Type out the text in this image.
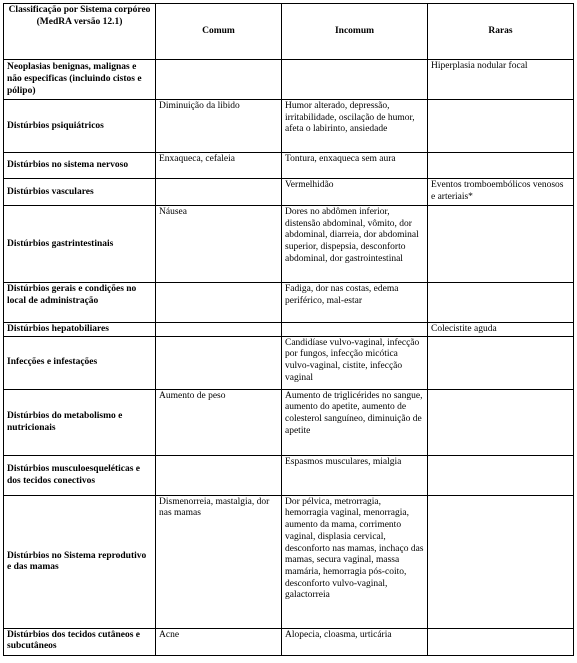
Classificação por Sistema corpóreo (MedRA versão 12.1)	Comum	Incomum	Raras
Neoplasias benignas, malignas e não especificas (incluindo cistos e pólipo)			Hiperplasia nodular focal
Distúrbios psiquiátricos	Diminuição da libido	Humor alterado, depressão, irritabilidade, oscilação de humor, afeta o labirinto, ansiedade	
Distúrbios no sistema nervoso	Enxaqueca, cefaleia	Tontura, enxaqueca sem aura	
Distúrbios vasculares		Vermelhidão	Eventos tromboembólicos venosos e arteriais*
Distúrbios gastrintestinais	Náusea	Dores no abdômen inferior, distensão abdominal, vômito, dor abdominal, diarreia, dor abdominal superior, dispepsia, desconforto abdominal, dor gastrointestinal	
Distúrbios gerais e condições no local de administração		Fadiga, dor nas costas, edema periférico, mal-estar	
Distúrbios hepatobiliares			Colecistite aguda
Infecções e infestações		Candidíase vulvo-vaginal, infecção por fungos, infecção micótica vulvo-vaginal, cistite, infecção vaginal	
Distúrbios do metabolismo e nutricionais	Aumento de peso	Aumento de triglicérides no sangue, aumento do apetite, aumento de colesterol sanguíneo, diminuição de apetite	
Distúrbios musculoesqueléticas e dos tecidos conectivos		Espasmos musculares, mialgia	
Distúrbios no Sistema reprodutivo e das mamas	Dismenorreia, mastalgia, dor nas mamas	Dor pélvica, metrorragia, hemorragia vaginal, menorragia, aumento da mama, corrimento vaginal, displasia cervical, desconforto nas mamas, inchaço das mamas, secura vaginal, massa mamária, hemorragia pós-coito, desconforto vulvo-vaginal, galactorreia	
Distúrbios dos tecidos cutâneos e subcutâneos	Acne	Alopecia, cloasma, urticária	
